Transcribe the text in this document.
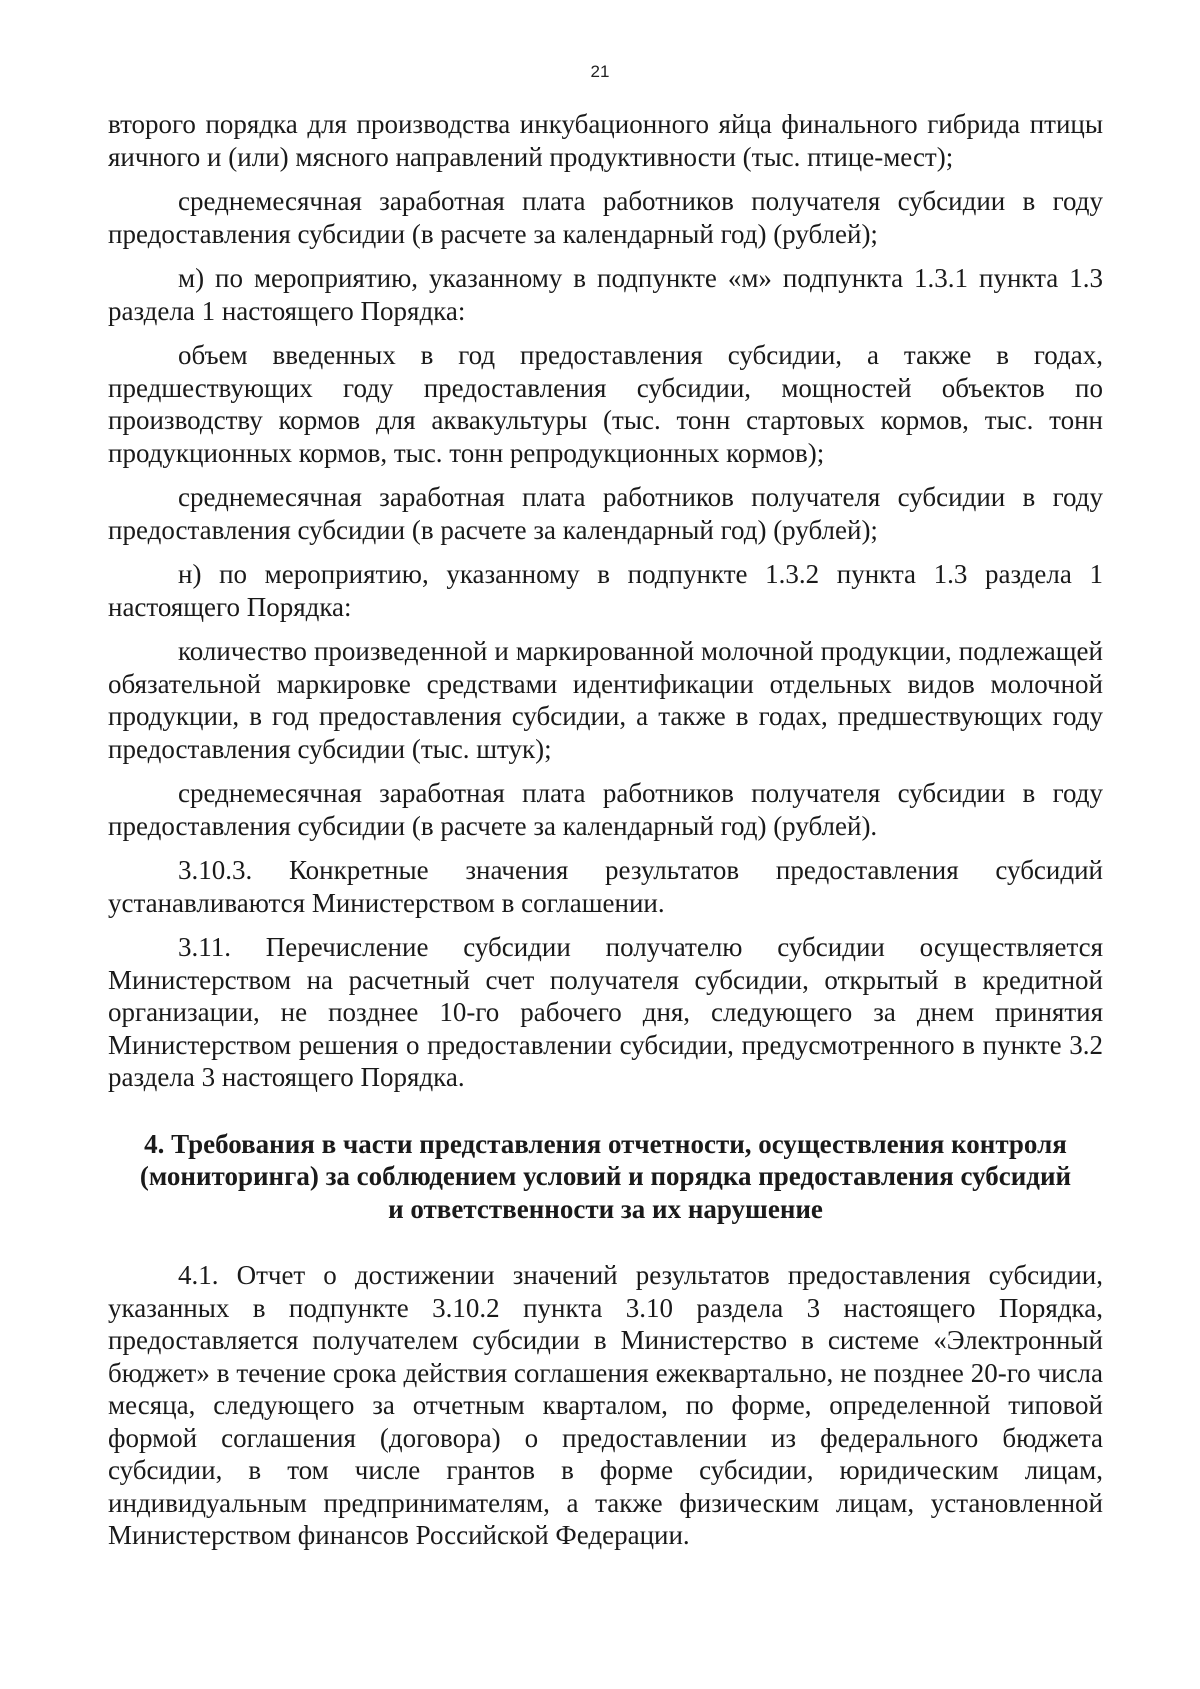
21

второго порядка для производства инкубационного яйца финального гибрида птицы яичного и (или) мясного направлений продуктивности (тыс. птице-мест);

среднемесячная заработная плата работников получателя субсидии в году предоставления субсидии (в расчете за календарный год) (рублей);

м) по мероприятию, указанному в подпункте «м» подпункта 1.3.1 пункта 1.3 раздела 1 настоящего Порядка:

объем введенных в год предоставления субсидии, а также в годах, предшествующих году предоставления субсидии, мощностей объектов по производству кормов для аквакультуры (тыс. тонн стартовых кормов, тыс. тонн продукционных кормов, тыс. тонн репродукционных кормов);

среднемесячная заработная плата работников получателя субсидии в году предоставления субсидии (в расчете за календарный год) (рублей);

н) по мероприятию, указанному в подпункте 1.3.2 пункта 1.3 раздела 1 настоящего Порядка:

количество произведенной и маркированной молочной продукции, подлежащей обязательной маркировке средствами идентификации отдельных видов молочной продукции, в год предоставления субсидии, а также в годах, предшествующих году предоставления субсидии (тыс. штук);

среднемесячная заработная плата работников получателя субсидии в году предоставления субсидии (в расчете за календарный год) (рублей).

3.10.3. Конкретные значения результатов предоставления субсидий устанавливаются Министерством в соглашении.

3.11. Перечисление субсидии получателю субсидии осуществляется Министерством на расчетный счет получателя субсидии, открытый в кредитной организации, не позднее 10-го рабочего дня, следующего за днем принятия Министерством решения о предоставлении субсидии, предусмотренного в пункте 3.2 раздела 3 настоящего Порядка.

4. Требования в части представления отчетности, осуществления контроля
(мониторинга) за соблюдением условий и порядка предоставления субсидий
и ответственности за их нарушение

4.1. Отчет о достижении значений результатов предоставления субсидии, указанных в подпункте 3.10.2 пункта 3.10 раздела 3 настоящего Порядка, предоставляется получателем субсидии в Министерство в системе «Электронный бюджет» в течение срока действия соглашения ежеквартально, не позднее 20-го числа месяца, следующего за отчетным кварталом, по форме, определенной типовой формой соглашения (договора) о предоставлении из федерального бюджета субсидии, в том числе грантов в форме субсидии, юридическим лицам, индивидуальным предпринимателям, а также физическим лицам, установленной Министерством финансов Российской Федерации.
